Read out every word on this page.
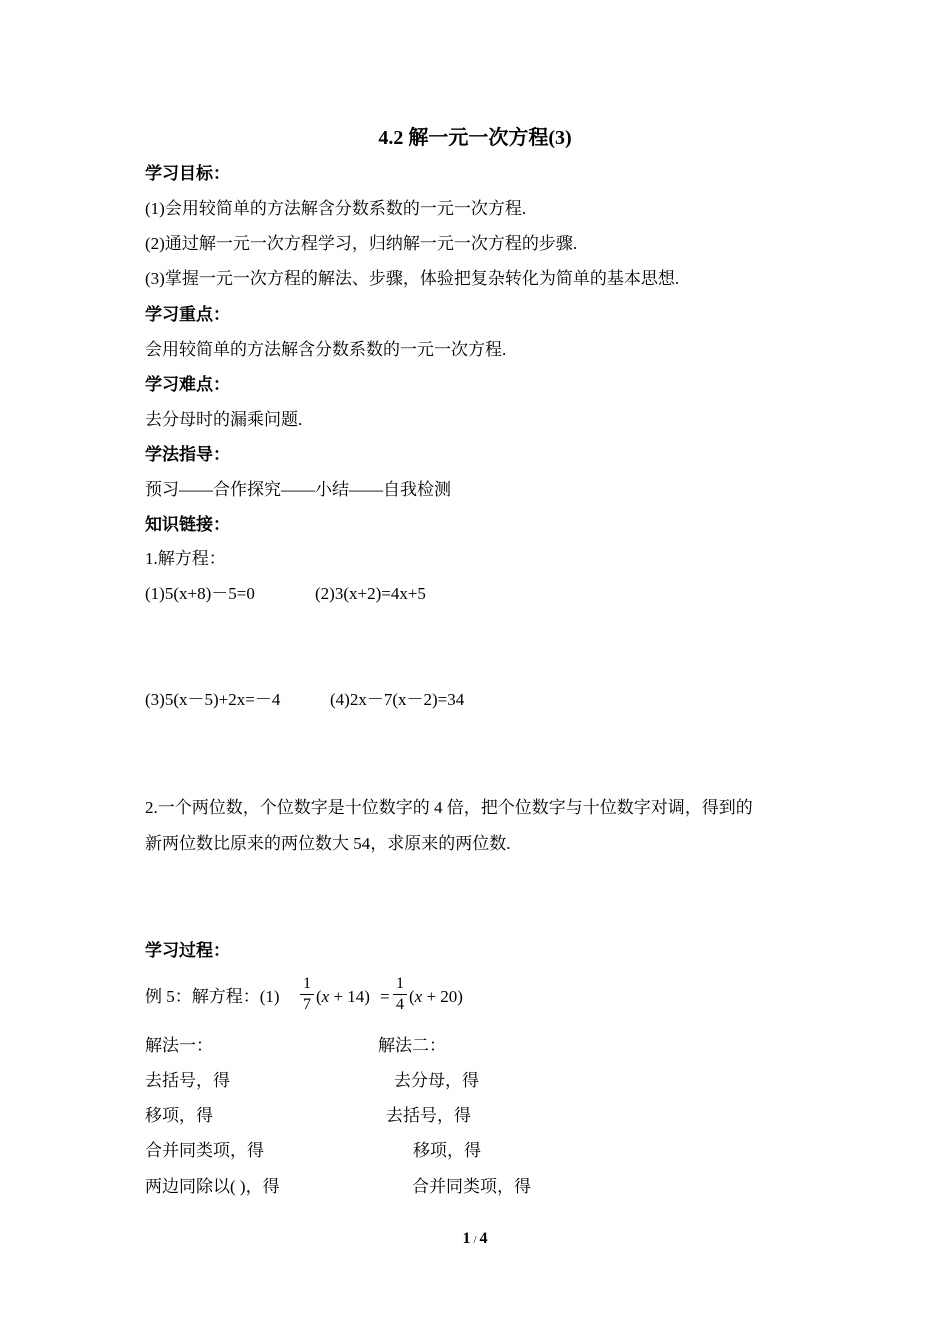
4.2 解一元一次方程(3)
学习目标：
(1)会用较简单的方法解含分数系数的一元一次方程.
(2)通过解一元一次方程学习，归纳解一元一次方程的步骤.
(3)掌握一元一次方程的解法、步骤，体验把复杂转化为简单的基本思想.
学习重点：
会用较简单的方法解含分数系数的一元一次方程.
学习难点：
去分母时的漏乘问题.
学法指导：
预习——合作探究——小结——自我检测
知识链接：
1.解方程：
(1)5(x+8)－5=0	(2)3(x+2)=4x+5
(3)5(x－5)+2x=－4	(4)2x－7(x－2)=34
2.一个两位数，个位数字是十位数字的 4 倍，把个位数字与十位数字对调，得到的
新两位数比原来的两位数大 54，求原来的两位数.
学习过程：
例 5：解方程：(1)
1
7 (x + 14) =
1
4 (x + 20)
解法一：	解法二：
去括号，得	去分母，得
移项，得	去括号，得
合并同类项，得	移项，得
两边同除以( )，得	合并同类项，得
1 / 4
